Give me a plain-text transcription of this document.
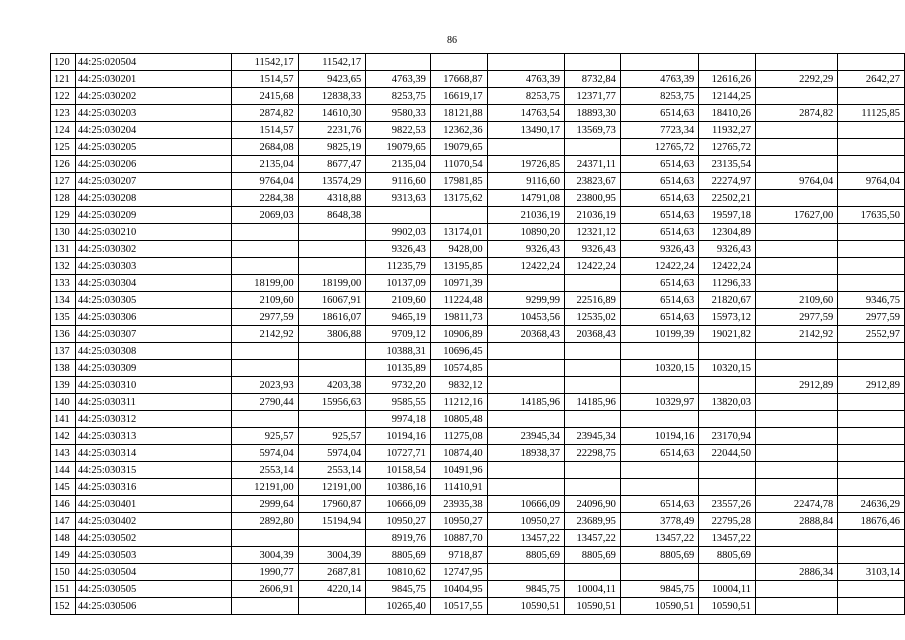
86
120	44:25:020504	11542,17	11542,17								
121	44:25:030201	1514,57	9423,65	4763,39	17668,87	4763,39	8732,84	4763,39	12616,26	2292,29	2642,27
122	44:25:030202	2415,68	12838,33	8253,75	16619,17	8253,75	12371,77	8253,75	12144,25		
123	44:25:030203	2874,82	14610,30	9580,33	18121,88	14763,54	18893,30	6514,63	18410,26	2874,82	11125,85
124	44:25:030204	1514,57	2231,76	9822,53	12362,36	13490,17	13569,73	7723,34	11932,27		
125	44:25:030205	2684,08	9825,19	19079,65	19079,65			12765,72	12765,72		
126	44:25:030206	2135,04	8677,47	2135,04	11070,54	19726,85	24371,11	6514,63	23135,54		
127	44:25:030207	9764,04	13574,29	9116,60	17981,85	9116,60	23823,67	6514,63	22274,97	9764,04	9764,04
128	44:25:030208	2284,38	4318,88	9313,63	13175,62	14791,08	23800,95	6514,63	22502,21		
129	44:25:030209	2069,03	8648,38			21036,19	21036,19	6514,63	19597,18	17627,00	17635,50
130	44:25:030210			9902,03	13174,01	10890,20	12321,12	6514,63	12304,89		
131	44:25:030302			9326,43	9428,00	9326,43	9326,43	9326,43	9326,43		
132	44:25:030303			11235,79	13195,85	12422,24	12422,24	12422,24	12422,24		
133	44:25:030304	18199,00	18199,00	10137,09	10971,39			6514,63	11296,33		
134	44:25:030305	2109,60	16067,91	2109,60	11224,48	9299,99	22516,89	6514,63	21820,67	2109,60	9346,75
135	44:25:030306	2977,59	18616,07	9465,19	19811,73	10453,56	12535,02	6514,63	15973,12	2977,59	2977,59
136	44:25:030307	2142,92	3806,88	9709,12	10906,89	20368,43	20368,43	10199,39	19021,82	2142,92	2552,97
137	44:25:030308			10388,31	10696,45						
138	44:25:030309			10135,89	10574,85			10320,15	10320,15		
139	44:25:030310	2023,93	4203,38	9732,20	9832,12					2912,89	2912,89
140	44:25:030311	2790,44	15956,63	9585,55	11212,16	14185,96	14185,96	10329,97	13820,03		
141	44:25:030312			9974,18	10805,48						
142	44:25:030313	925,57	925,57	10194,16	11275,08	23945,34	23945,34	10194,16	23170,94		
143	44:25:030314	5974,04	5974,04	10727,71	10874,40	18938,37	22298,75	6514,63	22044,50		
144	44:25:030315	2553,14	2553,14	10158,54	10491,96						
145	44:25:030316	12191,00	12191,00	10386,16	11410,91						
146	44:25:030401	2999,64	17960,87	10666,09	23935,38	10666,09	24096,90	6514,63	23557,26	22474,78	24636,29
147	44:25:030402	2892,80	15194,94	10950,27	10950,27	10950,27	23689,95	3778,49	22795,28	2888,84	18676,46
148	44:25:030502			8919,76	10887,70	13457,22	13457,22	13457,22	13457,22		
149	44:25:030503	3004,39	3004,39	8805,69	9718,87	8805,69	8805,69	8805,69	8805,69		
150	44:25:030504	1990,77	2687,81	10810,62	12747,95					2886,34	3103,14
151	44:25:030505	2606,91	4220,14	9845,75	10404,95	9845,75	10004,11	9845,75	10004,11		
152	44:25:030506			10265,40	10517,55	10590,51	10590,51	10590,51	10590,51		
